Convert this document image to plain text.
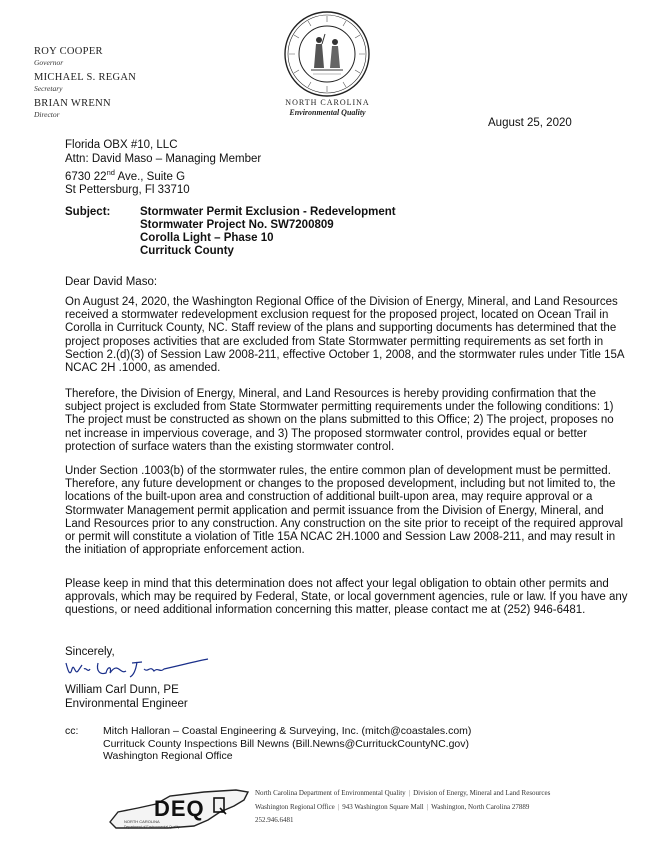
ROY COOPER
Governor
MICHAEL S. REGAN
Secretary
BRIAN WRENN
Director
NORTH CAROLINA
Environmental Quality
August 25, 2020
Florida OBX #10, LLC
Attn: David Maso – Managing Member
6730 22nd Ave., Suite G
St Pettersburg, Fl 33710
Subject:	Stormwater Permit Exclusion - Redevelopment
Stormwater Project No. SW7200809
Corolla Light – Phase 10
Currituck County
Dear David Maso:

On August 24, 2020, the Washington Regional Office of the Division of Energy, Mineral, and Land Resources received a stormwater redevelopment exclusion request for the proposed project, located on Ocean Trail in Corolla in Currituck County, NC. Staff review of the plans and supporting documents has determined that the project proposes activities that are excluded from State Stormwater permitting requirements as set forth in Section 2.(d)(3) of Session Law 2008-211, effective October 1, 2008, and the stormwater rules under Title 15A NCAC 2H .1000, as amended.

Therefore, the Division of Energy, Mineral, and Land Resources is hereby providing confirmation that the subject project is excluded from State Stormwater permitting requirements under the following conditions: 1) The project must be constructed as shown on the plans submitted to this Office; 2) The project, proposes no net increase in impervious coverage, and 3) The proposed stormwater control, provides equal or better protection of surface waters than the existing stormwater control.

Under Section .1003(b) of the stormwater rules, the entire common plan of development must be permitted. Therefore, any future development or changes to the proposed development, including but not limited to, the locations of the built-upon area and construction of additional built-upon area, may require approval or a Stormwater Management permit application and permit issuance from the Division of Energy, Mineral, and Land Resources prior to any construction. Any construction on the site prior to receipt of the required approval or permit will constitute a violation of Title 15A NCAC 2H.1000 and Session Law 2008-211, and may result in the initiation of appropriate enforcement action.

Please keep in mind that this determination does not affect your legal obligation to obtain other permits and approvals, which may be required by Federal, State, or local government agencies, rule or law. If you have any questions, or need additional information concerning this matter, please contact me at (252) 946-6481.

Sincerely,
William Carl Dunn, PE
Environmental Engineer
cc: Mitch Halloran – Coastal Engineering & Surveying, Inc. (mitch@coastales.com)
Currituck County Inspections Bill Newns (Bill.Newns@CurrituckCountyNC.gov)
Washington Regional Office
DEQ
NORTH CAROLINA
Department of Environmental Quality
North Carolina Department of Environmental Quality | Division of Energy, Mineral and Land Resources
Washington Regional Office | 943 Washington Square Mall | Washington, North Carolina 27889
252.946.6481
